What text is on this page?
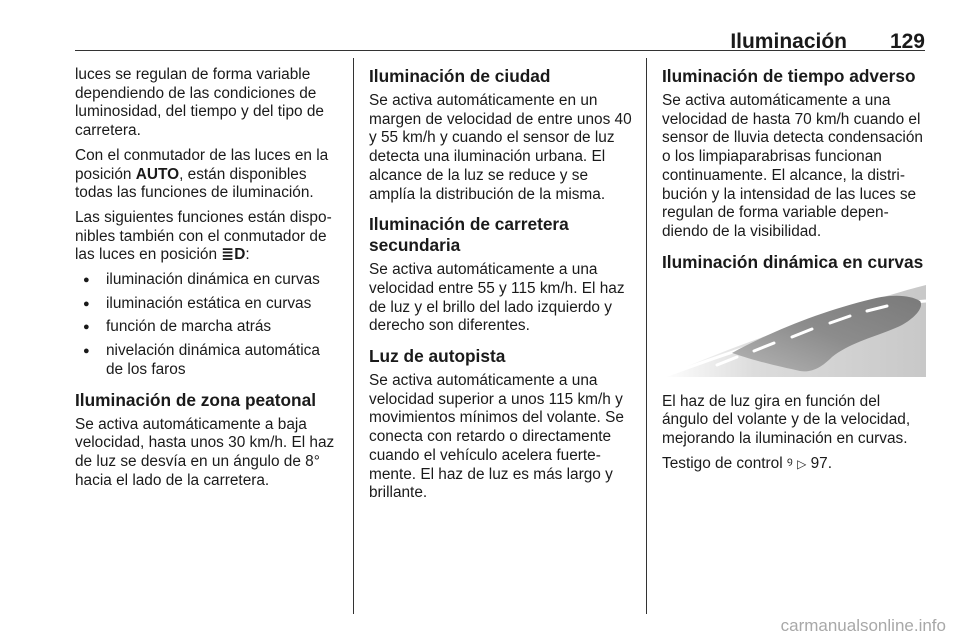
Iluminación 129

luces se regulan de forma variable dependiendo de las condiciones de luminosidad, del tiempo y del tipo de carretera.

Con el conmutador de las luces en la posición AUTO, están disponibles todas las funciones de iluminación.

Las siguientes funciones están disponibles también con el conmutador de las luces en posición ≣D:

● iluminación dinámica en curvas
● iluminación estática en curvas
● función de marcha atrás
● nivelación dinámica automática de los faros
Iluminación de zona peatonal

Se activa automáticamente a baja velocidad, hasta unos 30 km/h. El haz de luz se desvía en un ángulo de 8° hacia el lado de la carretera.

Iluminación de ciudad

Se activa automáticamente en un margen de velocidad de entre unos 40 y 55 km/h y cuando el sensor de luz detecta una iluminación urbana. El alcance de la luz se reduce y se amplía la distribución de la misma.

Iluminación de carretera secundaria

Se activa automáticamente a una velocidad entre 55 y 115 km/h. El haz de luz y el brillo del lado izquierdo y derecho son diferentes.

Luz de autopista

Se activa automáticamente a una velocidad superior a unos 115 km/h y movimientos mínimos del volante. Se conecta con retardo o directamente cuando el vehículo acelera fuertemente. El haz de luz es más largo y brillante.

Iluminación de tiempo adverso

Se activa automáticamente a una velocidad de hasta 70 km/h cuando el sensor de lluvia detecta condensación o los limpiaparabrisas funcionan continuamente. El alcance, la distribución y la intensidad de las luces se regulan de forma variable dependiendo de la visibilidad.

Iluminación dinámica en curvas

El haz de luz gira en función del ángulo del volante y de la velocidad, mejorando la iluminación en curvas.

Testigo de control ꝰ ▷ 97.

carmanualsonline.info
